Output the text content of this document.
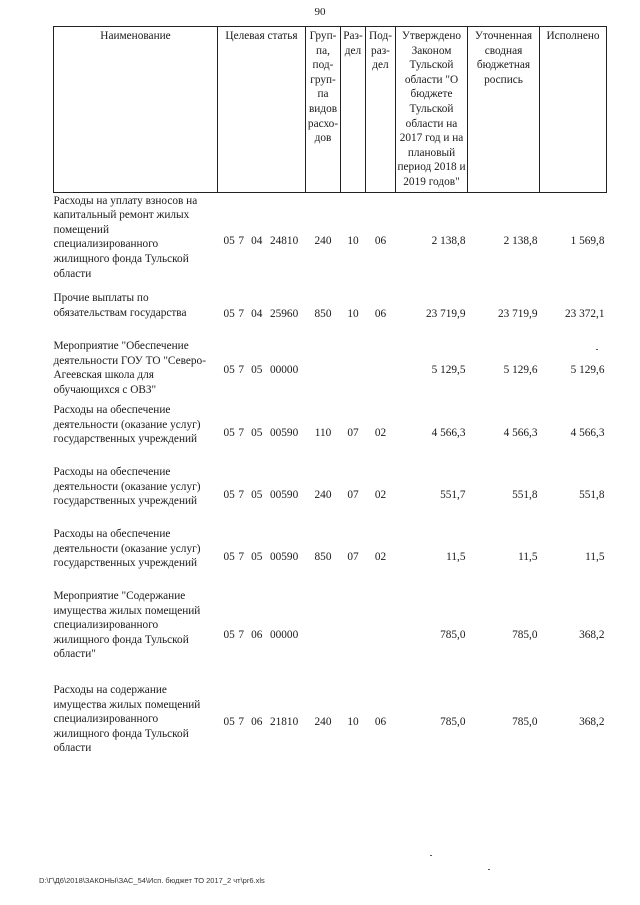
90
Наименование	Целевая статья	Груп-па, под-груп-па видов расхо-дов	Раз-дел	Под-раз-дел	Утверждено Законом Тульской области "О бюджете Тульской области на 2017 год и на плановый период 2018 и 2019 годов"	Уточненная сводная бюджетная роспись	Исполнено
Расходы на уплату взносов на капитальный ремонт жилых помещений специализированного жилищного фонда Тульской области	05 7 04 24810	240	10	06	2 138,8	2 138,8	1 569,8
Прочие выплаты по обязательствам государства	05 7 04 25960	850	10	06	23 719,9	23 719,9	23 372,1
Мероприятие "Обеспечение деятельности ГОУ ТО "Северо-Агеевская школа для обучающихся с ОВЗ"	05 7 05 00000				5 129,5	5 129,6	5 129,6
Расходы на обеспечение деятельности (оказание услуг) государственных учреждений	05 7 05 00590	110	07	02	4 566,3	4 566,3	4 566,3
Расходы на обеспечение деятельности (оказание услуг) государственных учреждений	05 7 05 00590	240	07	02	551,7	551,8	551,8
Расходы на обеспечение деятельности (оказание услуг) государственных учреждений	05 7 05 00590	850	07	02	11,5	11,5	11,5
Мероприятие "Содержание имущества жилых помещений специализированного жилищного фонда Тульской области"	05 7 06 00000				785,0	785,0	368,2
Расходы на содержание имущества жилых помещений специализированного жилищного фонда Тульской области	05 7 06 21810	240	10	06	785,0	785,0	368,2
D:\Г\Д6\2018\ЗАКОНЫ\ЗАС_54\Исп. бюджет ТО 2017_2 чт\pr6.xls
